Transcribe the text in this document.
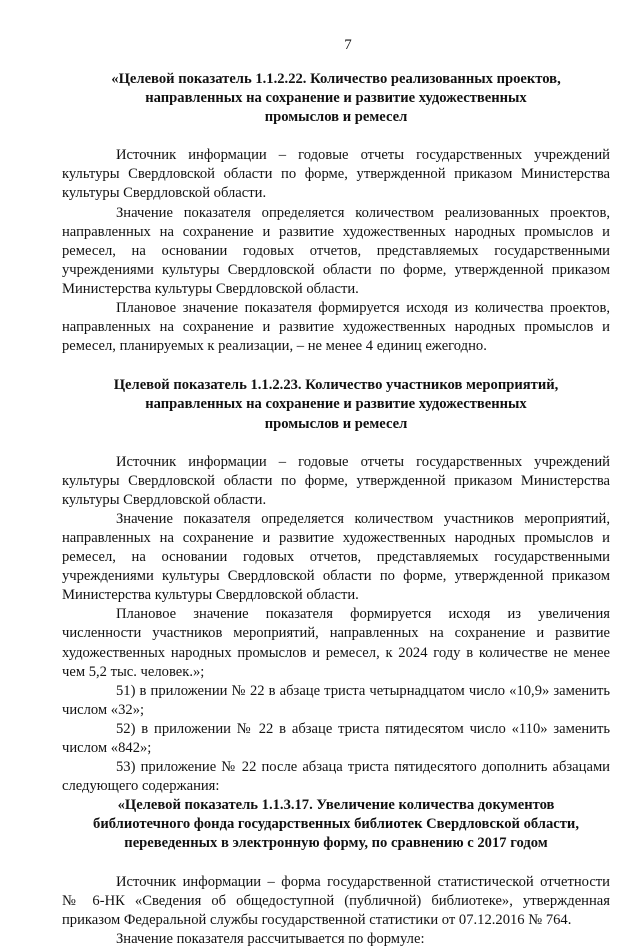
7
«Целевой показатель 1.1.2.22. Количество реализованных проектов,
направленных на сохранение и развитие художественных
промыслов и ремесел

Источник информации – годовые отчеты государственных учреждений культуры Свердловской области по форме, утвержденной приказом Министерства культуры Свердловской области.

Значение показателя определяется количеством реализованных проектов, направленных на сохранение и развитие художественных народных промыслов и ремесел, на основании годовых отчетов, представляемых государственными учреждениями культуры Свердловской области по форме, утвержденной приказом Министерства культуры Свердловской области.

Плановое значение показателя формируется исходя из количества проектов, направленных на сохранение и развитие художественных народных промыслов и ремесел, планируемых к реализации, – не менее 4 единиц ежегодно.

Целевой показатель 1.1.2.23. Количество участников мероприятий,
направленных на сохранение и развитие художественных
промыслов и ремесел

Источник информации – годовые отчеты государственных учреждений культуры Свердловской области по форме, утвержденной приказом Министерства культуры Свердловской области.

Значение показателя определяется количеством участников мероприятий, направленных на сохранение и развитие художественных народных промыслов и ремесел, на основании годовых отчетов, представляемых государственными учреждениями культуры Свердловской области по форме, утвержденной приказом Министерства культуры Свердловской области.

Плановое значение показателя формируется исходя из увеличения численности участников мероприятий, направленных на сохранение и развитие художественных народных промыслов и ремесел, к 2024 году в количестве не менее чем 5,2 тыс. человек.»;

51) в приложении № 22 в абзаце триста четырнадцатом число «10,9» заменить числом «32»;

52) в приложении № 22 в абзаце триста пятидесятом число «110» заменить числом «842»;

53) приложение № 22 после абзаца триста пятидесятого дополнить абзацами следующего содержания:

«Целевой показатель 1.1.3.17. Увеличение количества документов
библиотечного фонда государственных библиотек Свердловской области,
переведенных в электронную форму, по сравнению с 2017 годом

Источник информации – форма государственной статистической отчетности № 6-НК «Сведения об общедоступной (публичной) библиотеке», утвержденная приказом Федеральной службы государственной статистики от 07.12.2016 № 764.

Значение показателя рассчитывается по формуле:
